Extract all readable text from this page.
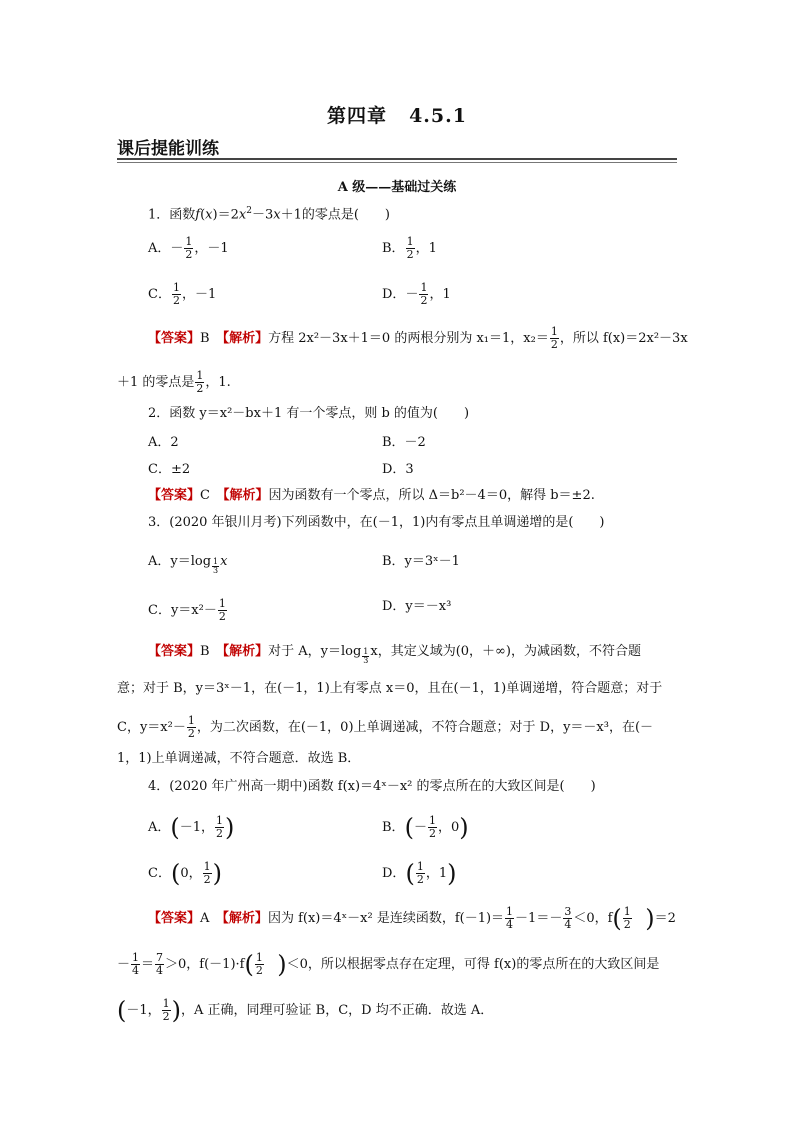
第四章 4.5.1
课后提能训练
A 级——基础过关练
1．函数$f(x)=2x^2-3x+1$的零点是(　　)
A．－ $\frac{1}{2}$ ，－1	B． $\frac{1}{2}$ ，1
C． $\frac{1}{2}$ ，－1	D．－ $\frac{1}{2}$ ，1
【答案】B　 【解析】方程 2x²－3x＋1＝0 的两根分别为 x₁＝1，$x_2= \frac{1}{2}$ ，所以 f(x)＝2x²－3x
＋1 的零点是 $\frac{1}{2}$ ，1.
2．函数 y＝x²－bx＋1 有一个零点，则 b 的值为(　　)
A．2	B．－2
C．±2	D．3
【答案】C　 【解析】因为函数有一个零点，所以 Δ＝b²－4＝0，解得 b＝±2.
3．(2020 年银川月考)下列函数中，在(－1，1)内有零点且单调递增的是(　　)
A．y＝log $_{\frac{1}{3}}$ x	B．y＝3ˣ－1
C．$y=x^2- \frac{1}{2}$	D．y＝－x³
【答案】B　 【解析】对于 A，y＝log $_{\frac{1}{3}}$ x，其定义域为(0，＋∞)，为减函数，不符合题
意；对于 B，y＝3ˣ－1，在(－1，1)上有零点 x＝0，且在(－1，1)单调递增，符合题意；对于
C，$y=x^2- \frac{1}{2}$ ，为二次函数，在(－1，0)上单调递减，不符合题意；对于 D，y＝－x³，在(－
1，1)上单调递减，不符合题意．故选 B．
4．(2020 年广州高一期中)函数 f(x)＝4ˣ－x² 的零点所在的大致区间是(　　)
A．(－1， $\frac{1}{2}$ )	B．(－ $\frac{1}{2}$ ，0)
C．(0， $\frac{1}{2}$ )	D．( $\frac{1}{2}$ ，1)
【答案】A　 【解析】因为 f(x)＝4ˣ－x² 是连续函数，$f(-1)= \frac{1}{4} -1=- \frac{3}{4} <0$，$f( \frac{1}{2} )=2$
－ $\frac{1}{4} = \frac{7}{4} >0$，$f(-1)\cdot f( \frac{1}{2} )<0$，所以根据零点存在定理，可得 f(x)的零点所在的大致区间是
(－1， $\frac{1}{2}$ )，A 正确，同理可验证 B，C，D 均不正确．故选 A．
